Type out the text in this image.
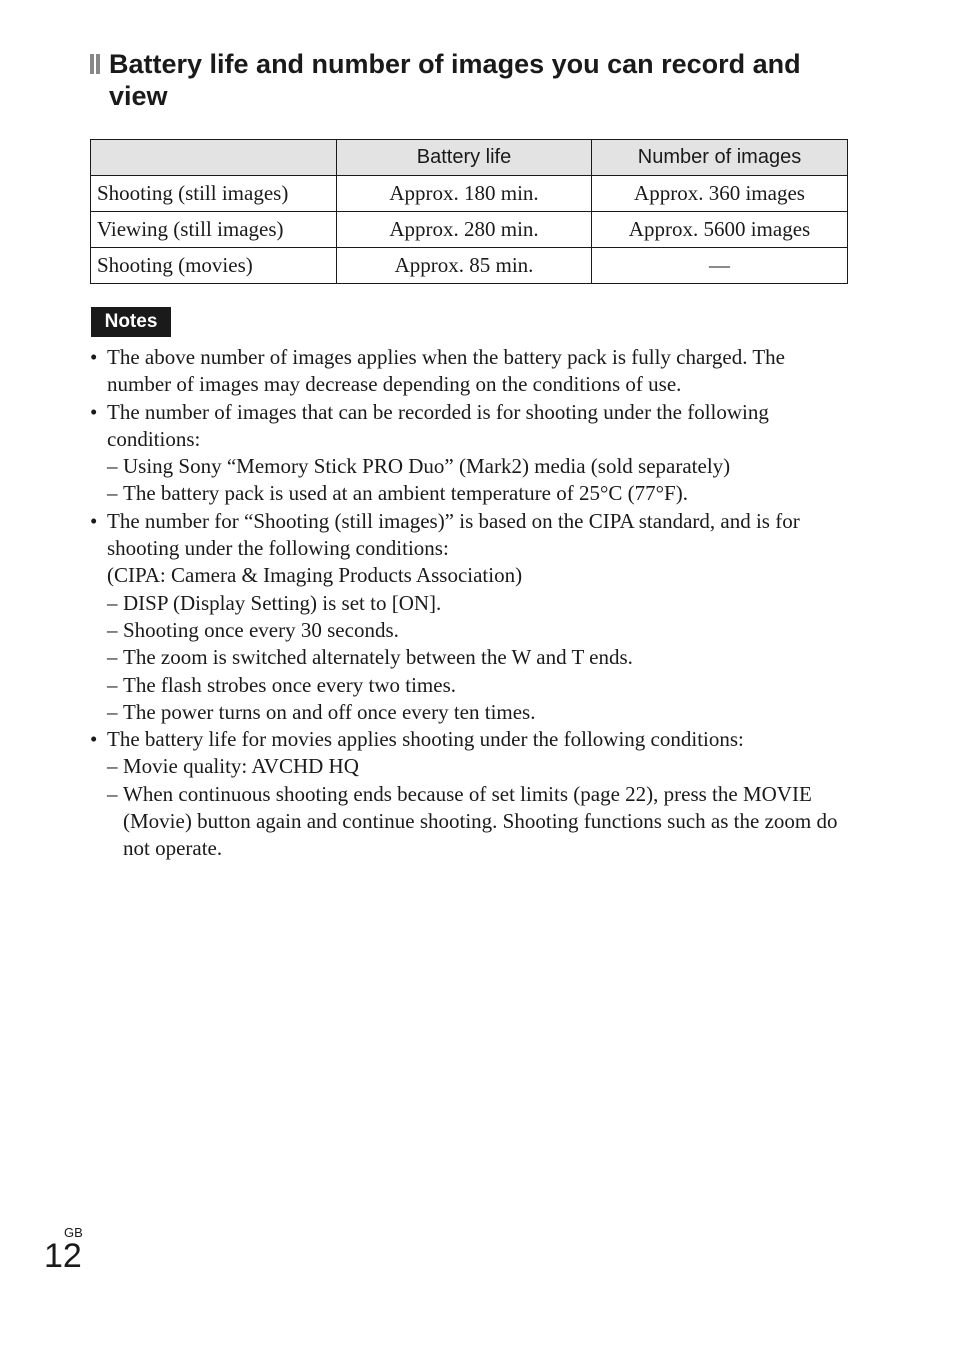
Battery life and number of images you can record and view
	Battery life	Number of images
Shooting (still images)	Approx. 180 min.	Approx. 360 images
Viewing (still images)	Approx. 280 min.	Approx. 5600 images
Shooting (movies)	Approx. 85 min.	—
Notes
• The above number of images applies when the battery pack is fully charged. The number of images may decrease depending on the conditions of use.
• The number of images that can be recorded is for shooting under the following conditions:
– Using Sony “Memory Stick PRO Duo” (Mark2) media (sold separately)
– The battery pack is used at an ambient temperature of 25°C (77°F).
• The number for “Shooting (still images)” is based on the CIPA standard, and is for shooting under the following conditions:
(CIPA: Camera & Imaging Products Association)
– DISP (Display Setting) is set to [ON].
– Shooting once every 30 seconds.
– The zoom is switched alternately between the W and T ends.
– The flash strobes once every two times.
– The power turns on and off once every ten times.
• The battery life for movies applies shooting under the following conditions:
– Movie quality: AVCHD HQ
– When continuous shooting ends because of set limits (page 22), press the MOVIE (Movie) button again and continue shooting. Shooting functions such as the zoom do not operate.
GB
12
